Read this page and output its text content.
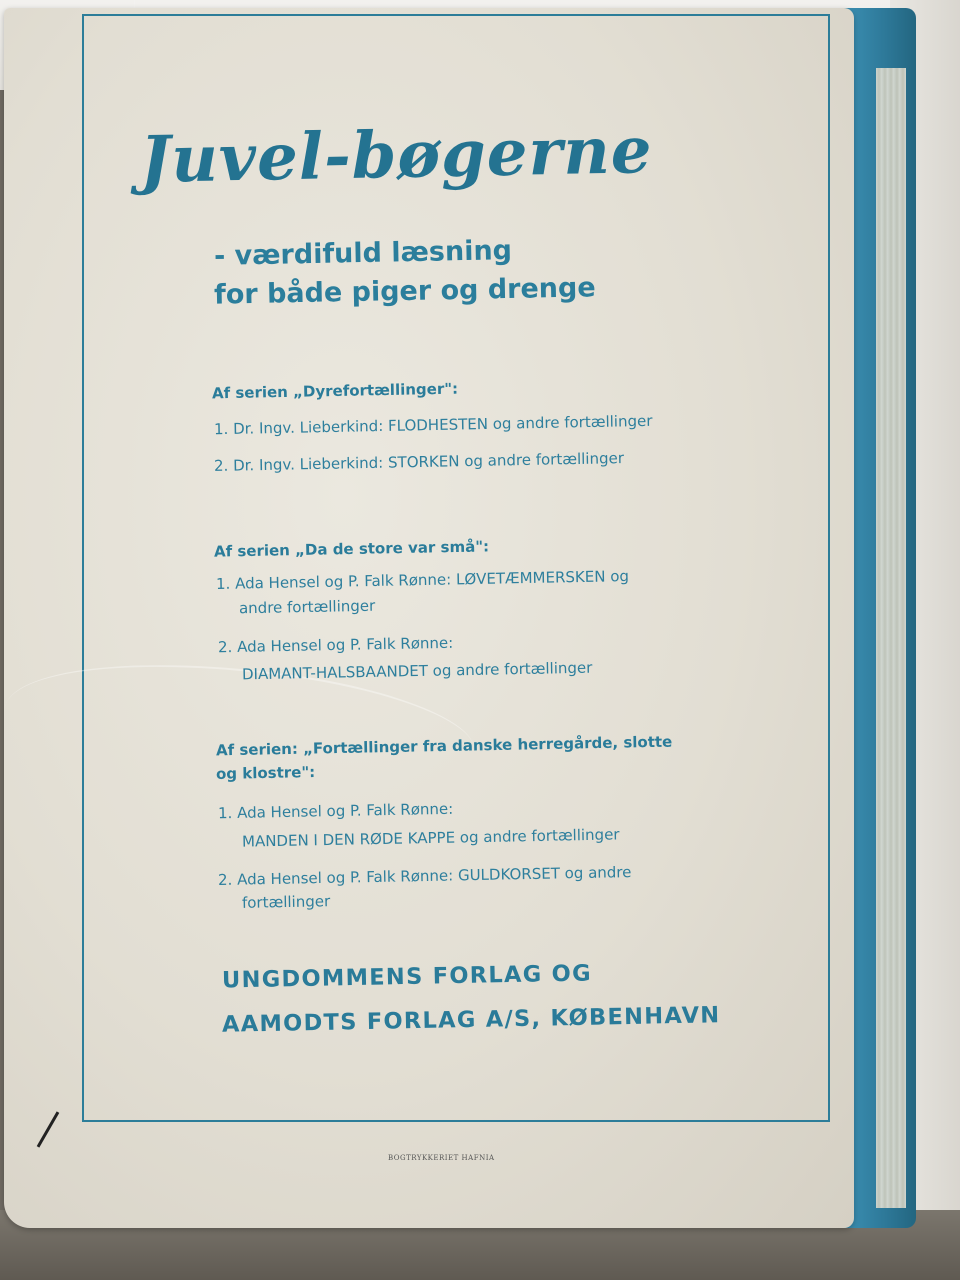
Juvel-bøgerne
- værdifuld læsning
for både piger og drenge
Af serien „Dyrefortællinger":
1. Dr. Ingv. Lieberkind: FLODHESTEN og andre fortællinger
2. Dr. Ingv. Lieberkind: STORKEN og andre fortællinger
Af serien „Da de store var små":
1. Ada Hensel og P. Falk Rønne: LØVETÆMMERSKEN og
andre fortællinger
2. Ada Hensel og P. Falk Rønne:
DIAMANT-HALSBAANDET og andre fortællinger
Af serien: „Fortællinger fra danske herregårde, slotte
og klostre":
1. Ada Hensel og P. Falk Rønne:
MANDEN I DEN RØDE KAPPE og andre fortællinger
2. Ada Hensel og P. Falk Rønne: GULDKORSET og andre
fortællinger
UNGDOMMENS FORLAG OG
AAMODTS FORLAG A/S, KØBENHAVN
BOGTRYKKERIET HAFNIA
